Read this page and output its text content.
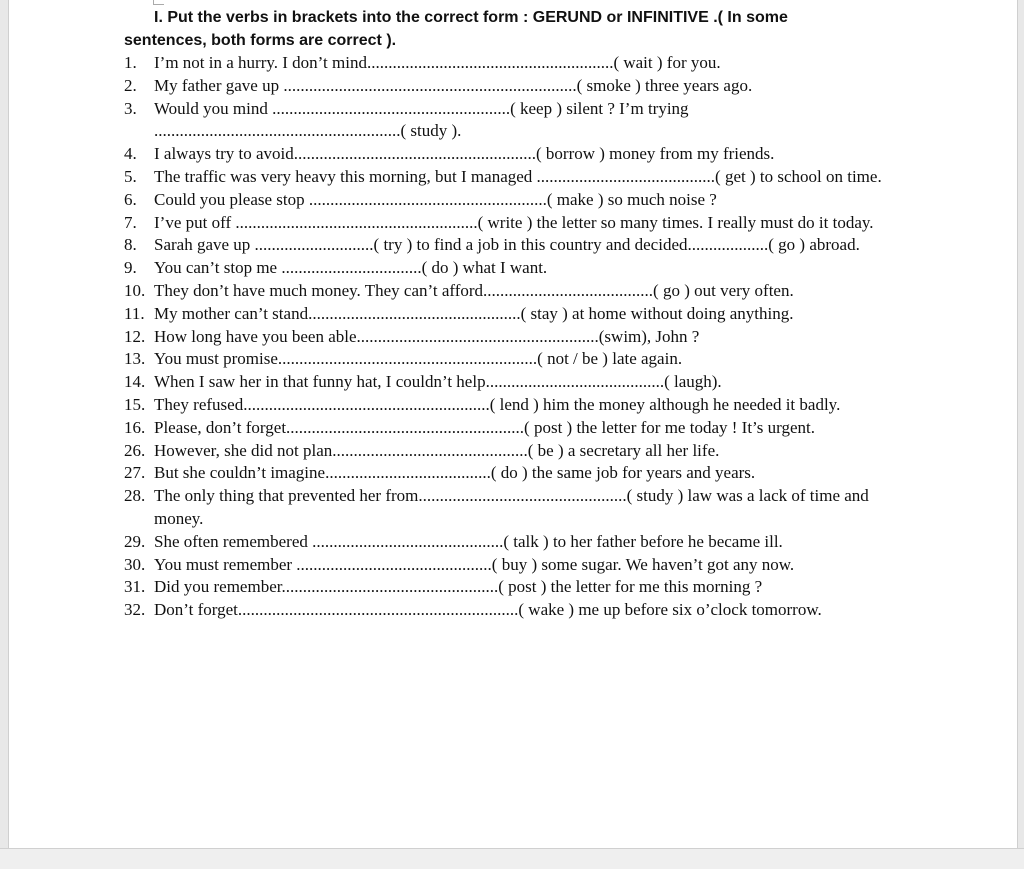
I. Put the verbs in brackets into the correct form : GERUND or INFINITIVE .( In some sentences, both forms are correct ).

1. I’m not in a hurry. I don’t mind..........................................................( wait ) for you.
2. My father gave up .....................................................................( smoke ) three years ago.
3. Would you mind ........................................................( keep ) silent ? I’m trying ..........................................................( study ).
4. I always try to avoid.........................................................( borrow ) money from my friends.
5. The traffic was very heavy this morning, but I managed ..........................................( get ) to school on time.
6. Could you please stop ........................................................( make ) so much noise ?
7. I’ve put off .........................................................( write ) the letter so many times. I really must do it today.
8. Sarah gave up ............................( try ) to find a job in this country and decided...................( go ) abroad.
9. You can’t stop me .................................( do ) what I want.
10. They don’t have much money. They can’t afford........................................( go ) out very often.
11. My mother can’t stand..................................................( stay ) at home without doing anything.
12. How long have you been able.........................................................(swim), John ?
13. You must promise.............................................................( not / be ) late again.
14. When I saw her in that funny hat, I couldn’t help..........................................( laugh).
15. They refused..........................................................( lend ) him the money although he needed it badly.
16. Please, don’t forget........................................................( post ) the letter for me today ! It’s urgent.
26. However, she did not plan..............................................( be ) a secretary all her life.
27. But she couldn’t imagine.......................................( do ) the same job for years and years.
28. The only thing that prevented her from.................................................( study ) law was a lack of time and money.
29. She often remembered .............................................( talk ) to her father before he became ill.
30. You must remember ..............................................( buy ) some sugar. We haven’t got any now.
31. Did you remember...................................................( post ) the letter for me this morning ?
32. Don’t forget..................................................................( wake ) me up before six o’clock tomorrow.
